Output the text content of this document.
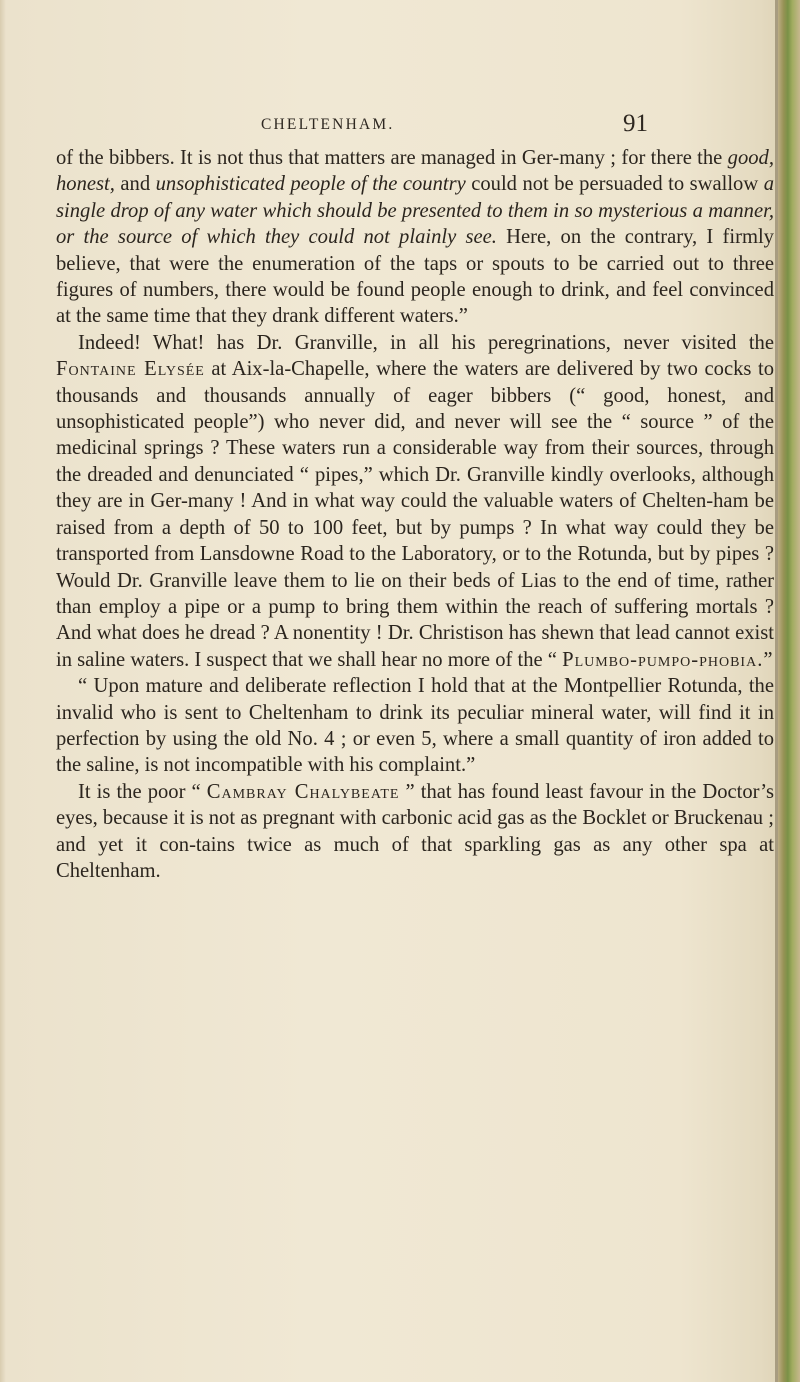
CHELTENHAM.	91

of the bibbers. It is not thus that matters are managed in Ger-many ; for there the good, honest, and unsophisticated people of the country could not be persuaded to swallow a single drop of any water which should be presented to them in so mysterious a manner, or the source of which they could not plainly see. Here, on the contrary, I firmly believe, that were the enumeration of the taps or spouts to be carried out to three figures of numbers, there would be found people enough to drink, and feel convinced at the same time that they drank different waters.”

Indeed! What! has Dr. Granville, in all his peregrinations, never visited the Fontaine Elysée at Aix-la-Chapelle, where the waters are delivered by two cocks to thousands and thousands annually of eager bibbers (“ good, honest, and unsophisticated people”) who never did, and never will see the “ source ” of the medicinal springs ? These waters run a considerable way from their sources, through the dreaded and denunciated “ pipes,” which Dr. Granville kindly overlooks, although they are in Ger-many ! And in what way could the valuable waters of Chelten-ham be raised from a depth of 50 to 100 feet, but by pumps ? In what way could they be transported from Lansdowne Road to the Laboratory, or to the Rotunda, but by pipes ? Would Dr. Granville leave them to lie on their beds of Lias to the end of time, rather than employ a pipe or a pump to bring them within the reach of suffering mortals ? And what does he dread ? A nonentity ! Dr. Christison has shewn that lead cannot exist in saline waters. I suspect that we shall hear no more of the “ Plumbo-pumpo-phobia.”

“ Upon mature and deliberate reflection I hold that at the Montpellier Rotunda, the invalid who is sent to Cheltenham to drink its peculiar mineral water, will find it in perfection by using the old No. 4 ; or even 5, where a small quantity of iron added to the saline, is not incompatible with his complaint.”

It is the poor “ Cambray Chalybeate ” that has found least favour in the Doctor’s eyes, because it is not as pregnant with carbonic acid gas as the Bocklet or Bruckenau ; and yet it con-tains twice as much of that sparkling gas as any other spa at Cheltenham.
